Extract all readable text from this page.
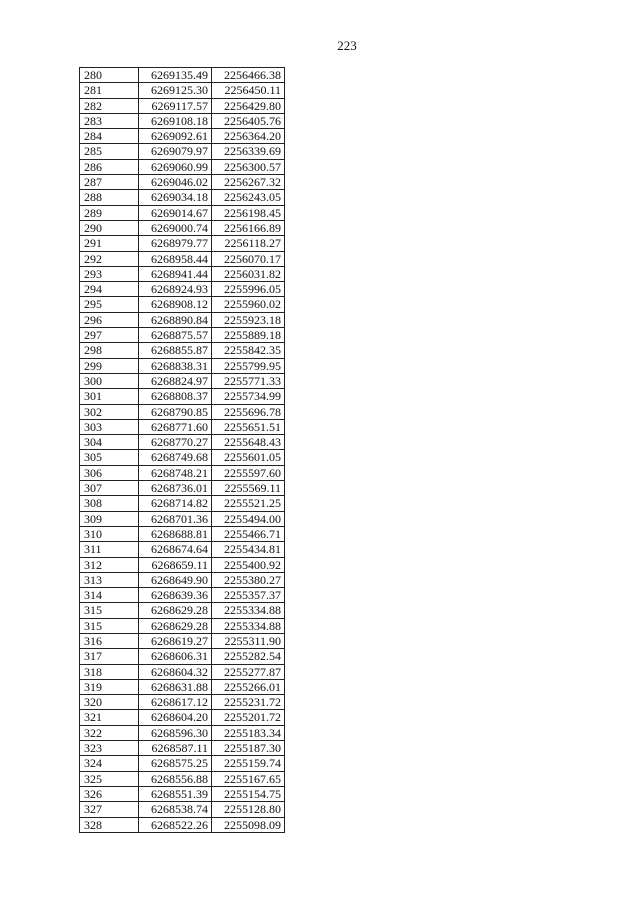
223
280	6269135.49	2256466.38
281	6269125.30	2256450.11
282	6269117.57	2256429.80
283	6269108.18	2256405.76
284	6269092.61	2256364.20
285	6269079.97	2256339.69
286	6269060.99	2256300.57
287	6269046.02	2256267.32
288	6269034.18	2256243.05
289	6269014.67	2256198.45
290	6269000.74	2256166.89
291	6268979.77	2256118.27
292	6268958.44	2256070.17
293	6268941.44	2256031.82
294	6268924.93	2255996.05
295	6268908.12	2255960.02
296	6268890.84	2255923.18
297	6268875.57	2255889.18
298	6268855.87	2255842.35
299	6268838.31	2255799.95
300	6268824.97	2255771.33
301	6268808.37	2255734.99
302	6268790.85	2255696.78
303	6268771.60	2255651.51
304	6268770.27	2255648.43
305	6268749.68	2255601.05
306	6268748.21	2255597.60
307	6268736.01	2255569.11
308	6268714.82	2255521.25
309	6268701.36	2255494.00
310	6268688.81	2255466.71
311	6268674.64	2255434.81
312	6268659.11	2255400.92
313	6268649.90	2255380.27
314	6268639.36	2255357.37
315	6268629.28	2255334.88
315	6268629.28	2255334.88
316	6268619.27	2255311.90
317	6268606.31	2255282.54
318	6268604.32	2255277.87
319	6268631.88	2255266.01
320	6268617.12	2255231.72
321	6268604.20	2255201.72
322	6268596.30	2255183.34
323	6268587.11	2255187.30
324	6268575.25	2255159.74
325	6268556.88	2255167.65
326	6268551.39	2255154.75
327	6268538.74	2255128.80
328	6268522.26	2255098.09
